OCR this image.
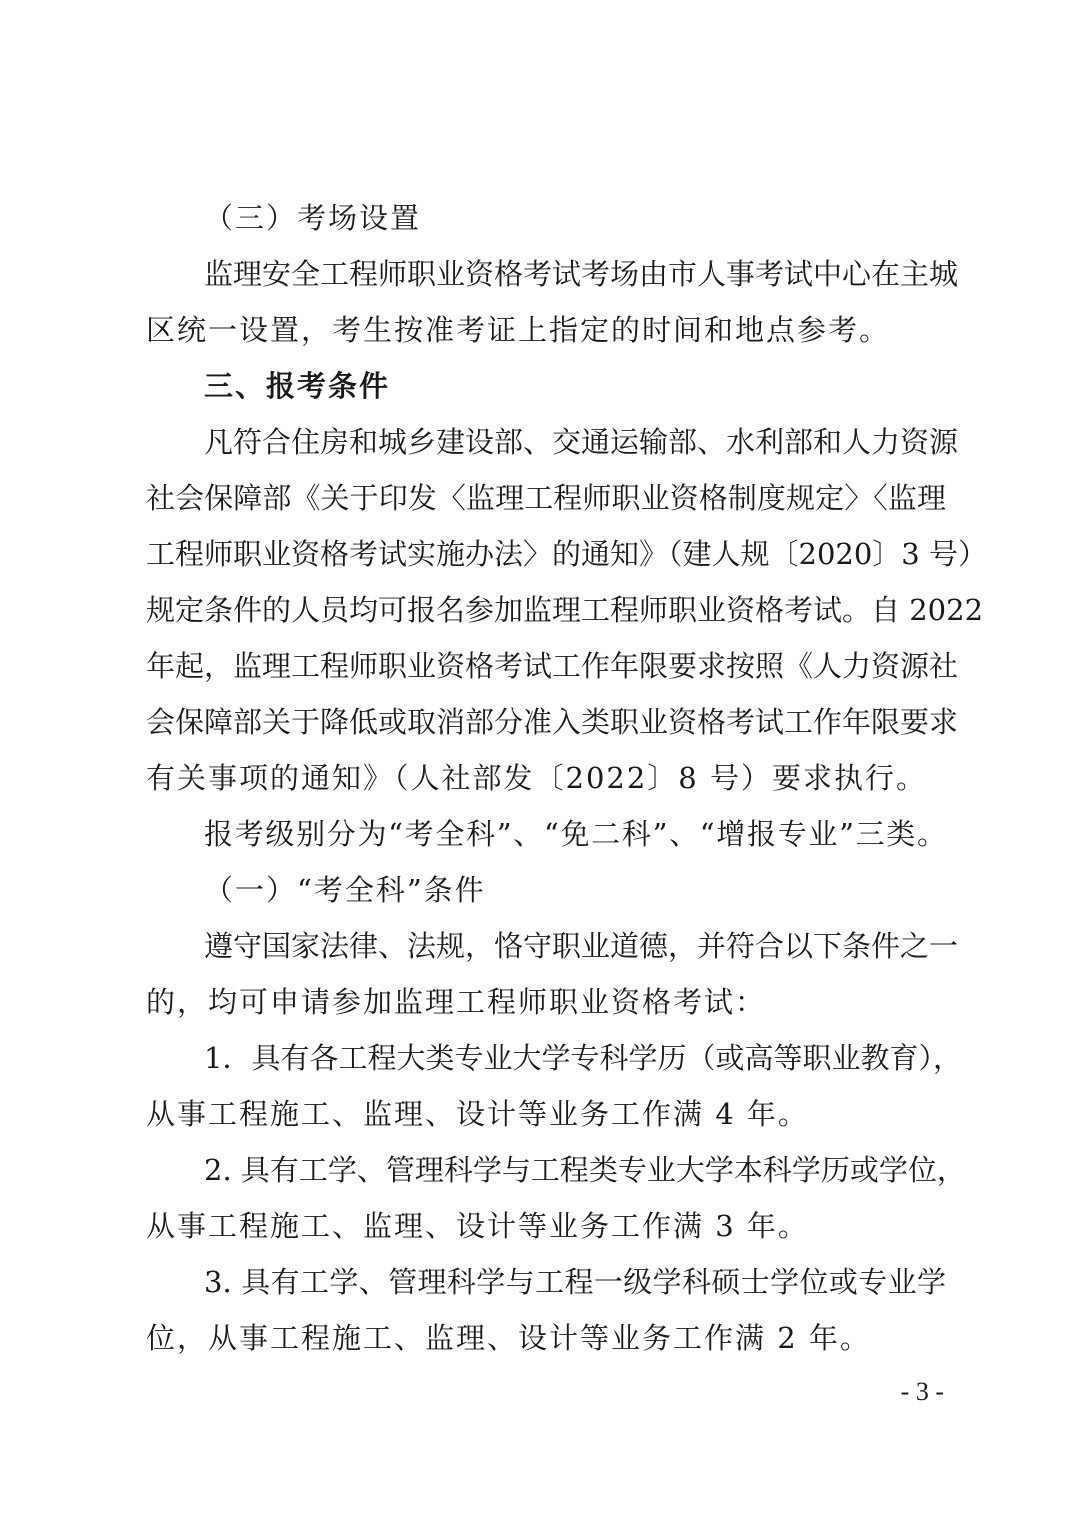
（三）考场设置
监理安全工程师职业资格考试考场由市人事考试中心在主城
区统一设置，考生按准考证上指定的时间和地点参考。
三、报考条件
凡符合住房和城乡建设部、交通运输部、水利部和人力资源
社会保障部《关于印发〈监理工程师职业资格制度规定〉〈监理
工程师职业资格考试实施办法〉的通知》（建人规〔2020〕3 号）
规定条件的人员均可报名参加监理工程师职业资格考试。自 2022
年起，监理工程师职业资格考试工作年限要求按照《人力资源社
会保障部关于降低或取消部分准入类职业资格考试工作年限要求
有关事项的通知》（人社部发〔2022〕8 号）要求执行。
报考级别分为“考全科”、“免二科”、“增报专业”三类。
（一）“考全科”条件
遵守国家法律、法规，恪守职业道德，并符合以下条件之一
的，均可申请参加监理工程师职业资格考试：
1．具有各工程大类专业大学专科学历（或高等职业教育），
从事工程施工、监理、设计等业务工作满 4 年。
2. 具有工学、管理科学与工程类专业大学本科学历或学位，
从事工程施工、监理、设计等业务工作满 3 年。
3. 具有工学、管理科学与工程一级学科硕士学位或专业学
位，从事工程施工、监理、设计等业务工作满 2 年。
- 3 -
